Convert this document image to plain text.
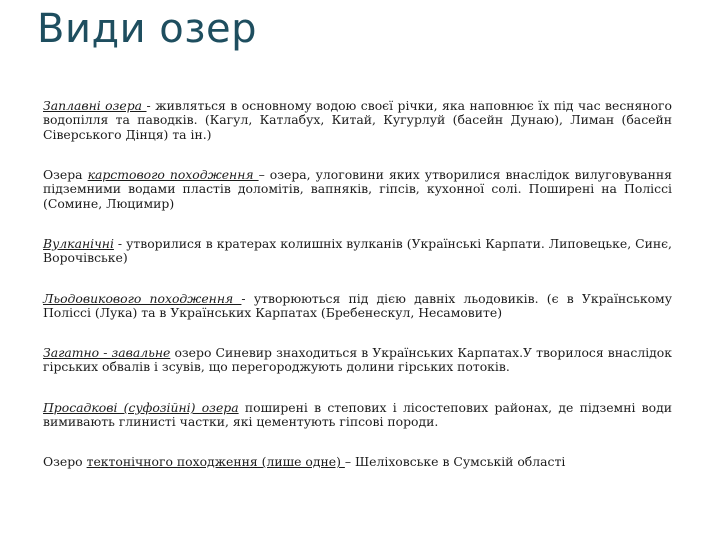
Види озер
Заплавні озера - живляться в основному водою своєї річки, яка наповнює їх під час весняного водопілля та паводків. (Кагул, Катлабух, Китай, Кугурлуй (басейн Дунаю), Лиман (басейн Сіверського Дінця) та ін.)
Озера карстового походження – озера, улоговини яких утворилися внаслідок вилуговування підземними водами пластів доломітів, вапняків, гіпсів, кухонної солі. Поширені на Поліссі (Сомине, Люцимир)
Вулканічні - утворилися в кратерах колишніх вулканів (Українські Карпати. Липовецьке, Синє, Ворочівське)
Льодовикового походження - утворюються під дією давніх льодовиків. (є в Українському Поліссі (Лука) та в Українських Карпатах (Бребенескул, Несамовите)
Загатно - завальне озеро Синевир знаходиться в Українських Карпатах.У творилося внаслідок гірських обвалів і зсувів, що перегороджують долини гірських потоків.
Просадкові (суфозійні) озера поширені в степових і лісостепових районах, де підземні води вимивають глинисті частки, які цементують гіпсові породи.
Озеро тектонічного походження (лише одне) – Шеліховське в Сумській області
